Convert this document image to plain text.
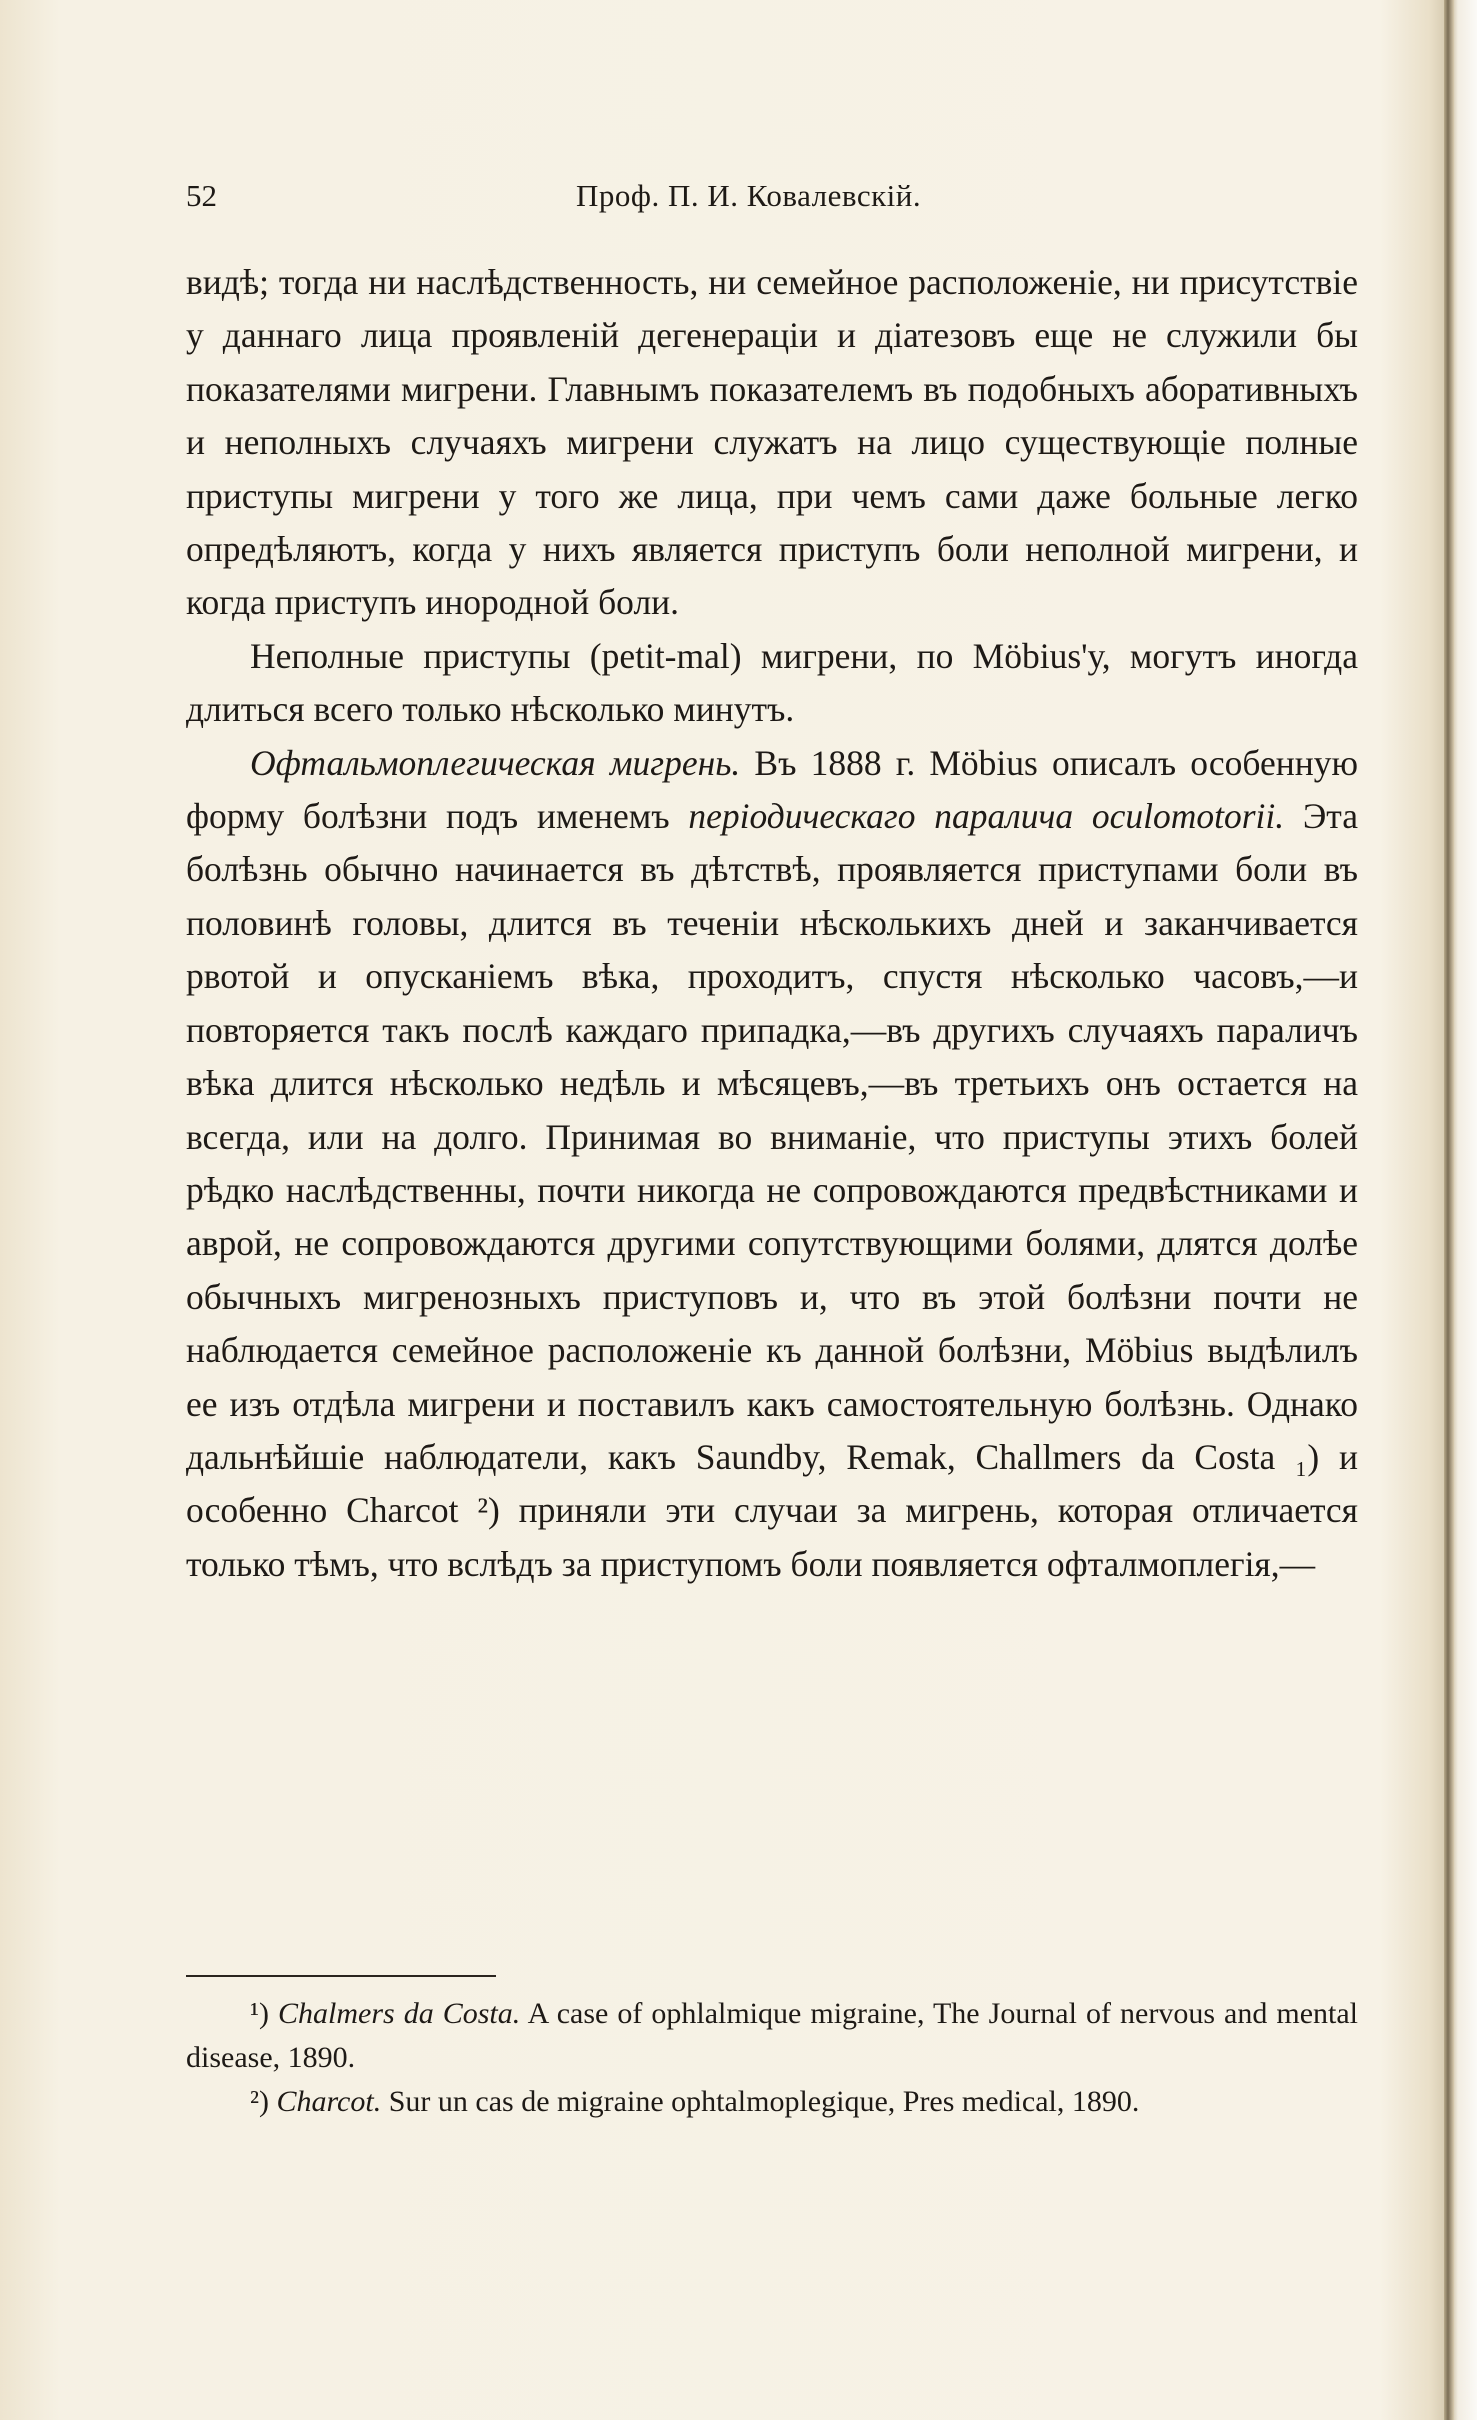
52	Проф. П. И. Ковалевскій.

видѣ; тогда ни наслѣдственность, ни семейное расположеніе, ни присутствіе у даннаго лица проявленій дегенераціи и діатезовъ еще не служили бы показателями мигрени. Главнымъ показателемъ въ подобныхъ аборативныхъ и неполныхъ случаяхъ мигрени служатъ на лицо существующіе полные приступы мигрени у того же лица, при чемъ сами даже больные легко опредѣляютъ, когда у нихъ является приступъ боли неполной мигрени, и когда приступъ инородной боли.

Неполные приступы (petit-mal) мигрени, по Möbius'у, могутъ иногда длиться всего только нѣсколько минутъ.

Офтальмоплегическая мигрень. Въ 1888 г. Möbius описалъ особенную форму болѣзни подъ именемъ періодическаго паралича oculomotorii. Эта болѣзнь обычно начинается въ дѣтствѣ, проявляется приступами боли въ половинѣ головы, длится въ теченіи нѣсколькихъ дней и заканчивается рвотой и опусканіемъ вѣка, проходитъ, спустя нѣсколько часовъ,—и повторяется такъ послѣ каждаго припадка,—въ другихъ случаяхъ параличъ вѣка длится нѣсколько недѣль и мѣсяцевъ,—въ третьихъ онъ остается на всегда, или на долго. Принимая во вниманіе, что приступы этихъ болей рѣдко наслѣдственны, почти никогда не сопровождаются предвѣстниками и аврой, не сопровождаются другими сопутствующими болями, длятся долѣе обычныхъ мигренозныхъ приступовъ и, что въ этой болѣзни почти не наблюдается семейное расположеніе къ данной болѣзни, Möbius выдѣлилъ ее изъ отдѣла мигрени и поставилъ какъ самостоятельную болѣзнь. Однако дальнѣйшіе наблюдатели, какъ Saundby, Remak, Challmers da Costa ₁) и особенно Charcot ²) приняли эти случаи за мигрень, которая отличается только тѣмъ, что вслѣдъ за приступомъ боли появляется офталмоплегія,—

¹) Chalmers da Costa. A case of ophlalmique migraine, The Journal of nervous and mental disease, 1890.

²) Charcot. Sur un cas de migraine ophtalmoplegique, Pres medical, 1890.
